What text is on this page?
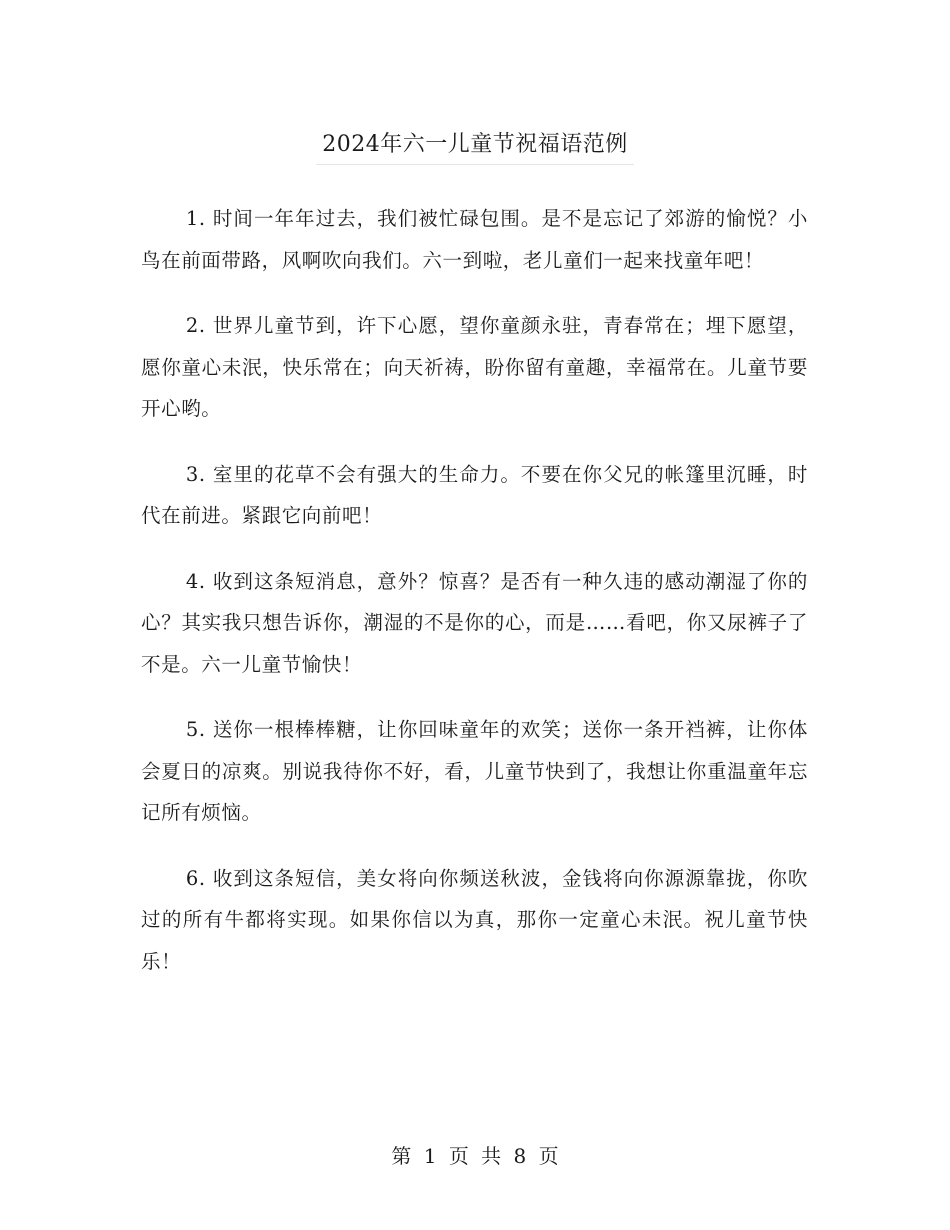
2024年六一儿童节祝福语范例

1. 时间一年年过去，我们被忙碌包围。是不是忘记了郊游的愉悦？小鸟在前面带路，风啊吹向我们。六一到啦，老儿童们一起来找童年吧！

2. 世界儿童节到，许下心愿，望你童颜永驻，青春常在；埋下愿望，愿你童心未泯，快乐常在；向天祈祷，盼你留有童趣，幸福常在。儿童节要开心哟。

3. 室里的花草不会有强大的生命力。不要在你父兄的帐篷里沉睡，时代在前进。紧跟它向前吧！

4. 收到这条短消息，意外？惊喜？是否有一种久违的感动潮湿了你的心？其实我只想告诉你，潮湿的不是你的心，而是……看吧，你又尿裤子了不是。六一儿童节愉快！

5. 送你一根棒棒糖，让你回味童年的欢笑；送你一条开裆裤，让你体会夏日的凉爽。别说我待你不好，看，儿童节快到了，我想让你重温童年忘记所有烦恼。

6. 收到这条短信，美女将向你频送秋波，金钱将向你源源靠拢，你吹过的所有牛都将实现。如果你信以为真，那你一定童心未泯。祝儿童节快乐！

第 1 页 共 8 页
